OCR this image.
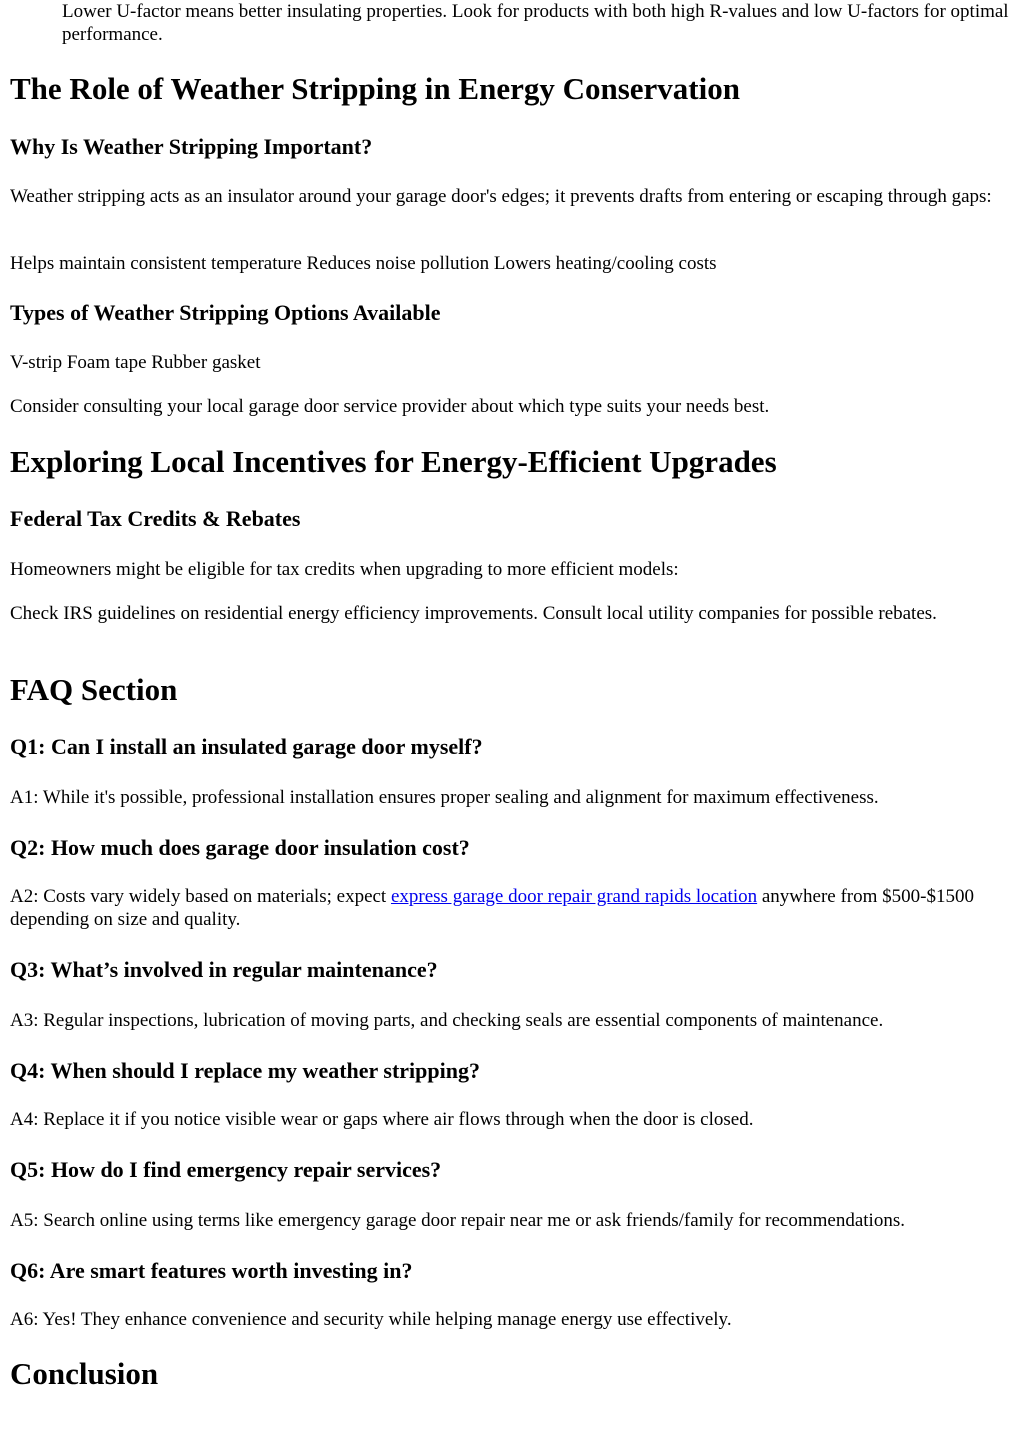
Lower U-factor means better insulating properties. Look for products with both high R-values and low U-factors for optimal performance.

The Role of Weather Stripping in Energy Conservation
Why Is Weather Stripping Important?

Weather stripping acts as an insulator around your garage door's edges; it prevents drafts from entering or escaping through gaps:

Helps maintain consistent temperature Reduces noise pollution Lowers heating/cooling costs

Types of Weather Stripping Options Available

V-strip Foam tape Rubber gasket

Consider consulting your local garage door service provider about which type suits your needs best.

Exploring Local Incentives for Energy-Efficient Upgrades
Federal Tax Credits & Rebates

Homeowners might be eligible for tax credits when upgrading to more efficient models:

Check IRS guidelines on residential energy efficiency improvements. Consult local utility companies for possible rebates.

FAQ Section
Q1: Can I install an insulated garage door myself?

A1: While it's possible, professional installation ensures proper sealing and alignment for maximum effectiveness.

Q2: How much does garage door insulation cost?

A2: Costs vary widely based on materials; expect express garage door repair grand rapids location anywhere from $500-$1500 depending on size and quality.

Q3: What’s involved in regular maintenance?

A3: Regular inspections, lubrication of moving parts, and checking seals are essential components of maintenance.

Q4: When should I replace my weather stripping?

A4: Replace it if you notice visible wear or gaps where air flows through when the door is closed.

Q5: How do I find emergency repair services?

A5: Search online using terms like emergency garage door repair near me or ask friends/family for recommendations.

Q6: Are smart features worth investing in?

A6: Yes! They enhance convenience and security while helping manage energy use effectively.

Conclusion
